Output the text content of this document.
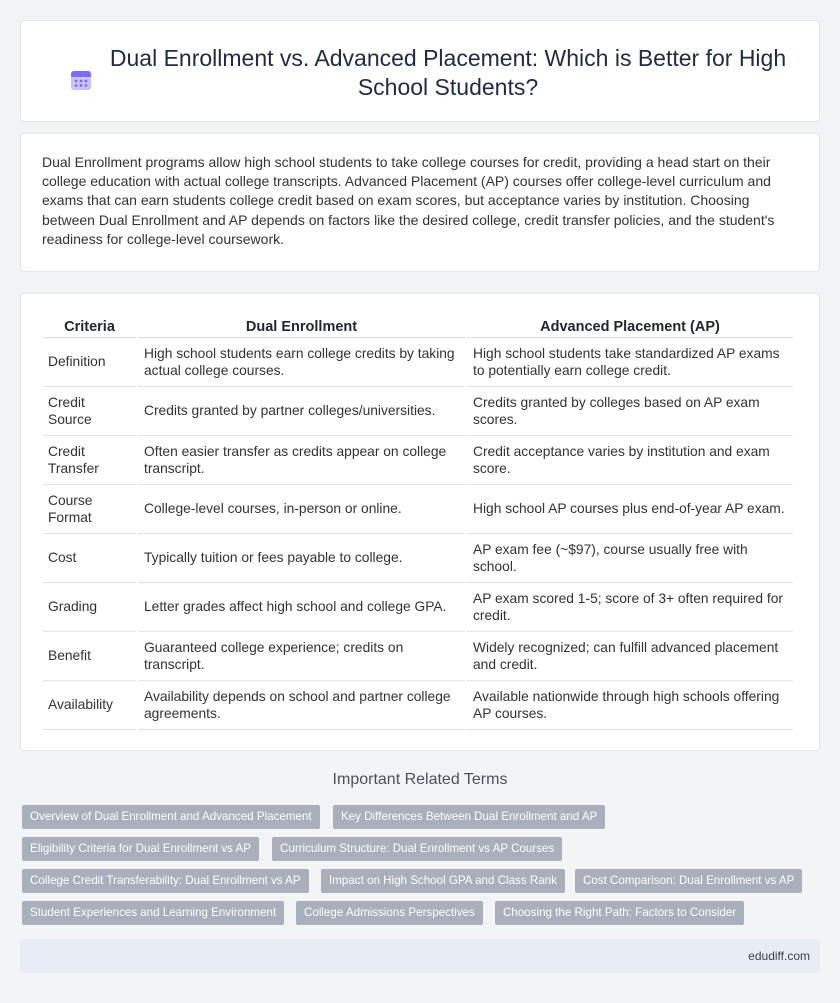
Dual Enrollment vs. Advanced Placement: Which is Better for High School Students?

Dual Enrollment programs allow high school students to take college courses for credit, providing a head start on their college education with actual college transcripts. Advanced Placement (AP) courses offer college-level curriculum and exams that can earn students college credit based on exam scores, but acceptance varies by institution. Choosing between Dual Enrollment and AP depends on factors like the desired college, credit transfer policies, and the student's readiness for college-level coursework.

Criteria	Dual Enrollment	Advanced Placement (AP)
Definition	High school students earn college credits by taking actual college courses.	High school students take standardized AP exams to potentially earn college credit.
Credit Source	Credits granted by partner colleges/universities.	Credits granted by colleges based on AP exam scores.
Credit Transfer	Often easier transfer as credits appear on college transcript.	Credit acceptance varies by institution and exam score.
Course Format	College-level courses, in-person or online.	High school AP courses plus end-of-year AP exam.
Cost	Typically tuition or fees payable to college.	AP exam fee (~$97), course usually free with school.
Grading	Letter grades affect high school and college GPA.	AP exam scored 1-5; score of 3+ often required for credit.
Benefit	Guaranteed college experience; credits on transcript.	Widely recognized; can fulfill advanced placement and credit.
Availability	Availability depends on school and partner college agreements.	Available nationwide through high schools offering AP courses.
Important Related Terms
Overview of Dual Enrollment and Advanced Placement	Key Differences Between Dual Enrollment and AP
Eligibility Criteria for Dual Enrollment vs AP	Curriculum Structure: Dual Enrollment vs AP Courses
College Credit Transferability: Dual Enrollment vs AP	Impact on High School GPA and Class Rank	Cost Comparison: Dual Enrollment vs AP
Student Experiences and Learning Environment	College Admissions Perspectives	Choosing the Right Path: Factors to Consider
edudiff.com
